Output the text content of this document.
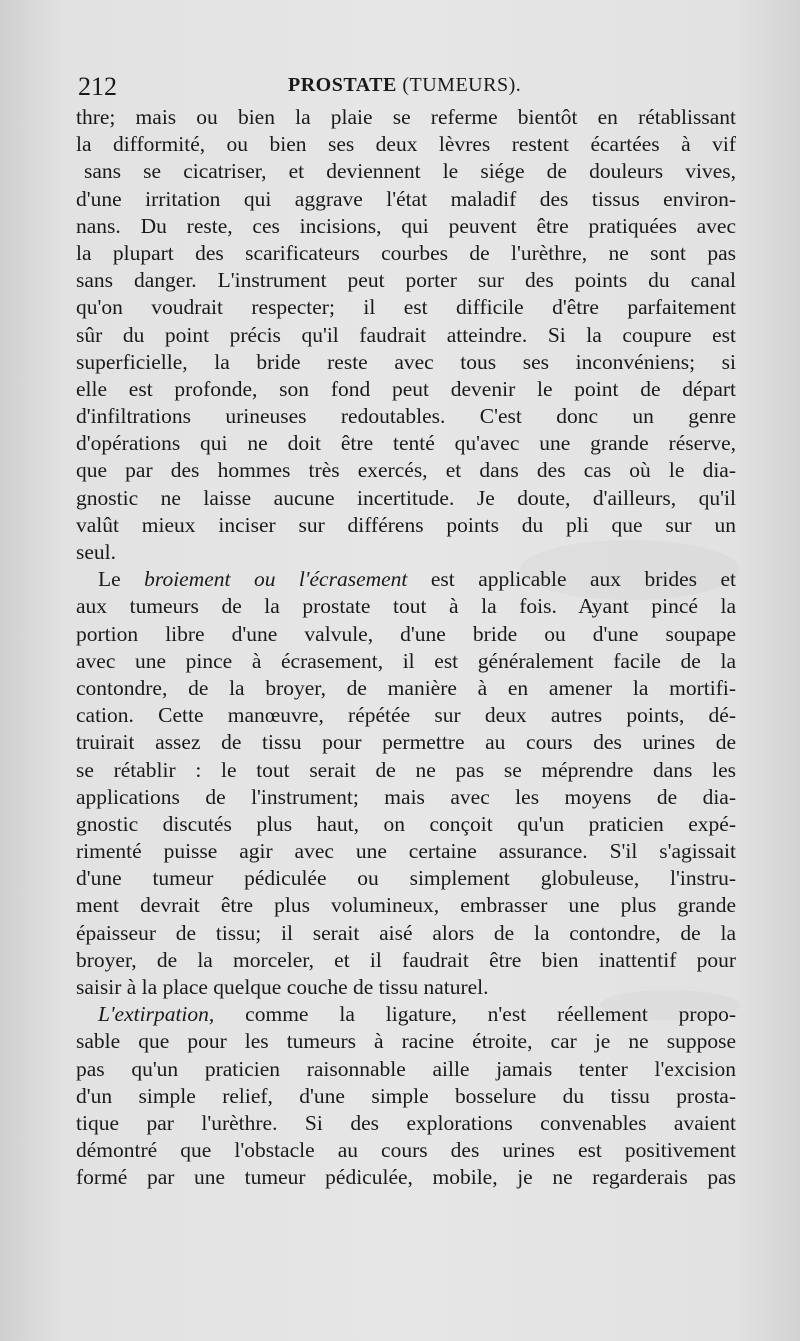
212	PROSTATE (TUMEURS).
thre; mais ou bien la plaie se referme bientôt en rétablissant
la difformité, ou bien ses deux lèvres restent écartées à vif
sans se cicatriser, et deviennent le siége de douleurs vives,
d'une irritation qui aggrave l'état maladif des tissus environ-
nans. Du reste, ces incisions, qui peuvent être pratiquées avec
la plupart des scarificateurs courbes de l'urèthre, ne sont pas
sans danger. L'instrument peut porter sur des points du canal
qu'on voudrait respecter; il est difficile d'être parfaitement
sûr du point précis qu'il faudrait atteindre. Si la coupure est
superficielle, la bride reste avec tous ses inconvéniens; si
elle est profonde, son fond peut devenir le point de départ
d'infiltrations urineuses redoutables. C'est donc un genre
d'opérations qui ne doit être tenté qu'avec une grande réserve,
que par des hommes très exercés, et dans des cas où le dia-
gnostic ne laisse aucune incertitude. Je doute, d'ailleurs, qu'il
valût mieux inciser sur différens points du pli que sur un
seul.
Le broiement ou l'écrasement est applicable aux brides et
aux tumeurs de la prostate tout à la fois. Ayant pincé la
portion libre d'une valvule, d'une bride ou d'une soupape
avec une pince à écrasement, il est généralement facile de la
contondre, de la broyer, de manière à en amener la mortifi-
cation. Cette manœuvre, répétée sur deux autres points, dé-
truirait assez de tissu pour permettre au cours des urines de
se rétablir : le tout serait de ne pas se méprendre dans les
applications de l'instrument; mais avec les moyens de dia-
gnostic discutés plus haut, on conçoit qu'un praticien expé-
rimenté puisse agir avec une certaine assurance. S'il s'agissait
d'une tumeur pédiculée ou simplement globuleuse, l'instru-
ment devrait être plus volumineux, embrasser une plus grande
épaisseur de tissu; il serait aisé alors de la contondre, de la
broyer, de la morceler, et il faudrait être bien inattentif pour
saisir à la place quelque couche de tissu naturel.
L'extirpation, comme la ligature, n'est réellement propo-
sable que pour les tumeurs à racine étroite, car je ne suppose
pas qu'un praticien raisonnable aille jamais tenter l'excision
d'un simple relief, d'une simple bosselure du tissu prosta-
tique par l'urèthre. Si des explorations convenables avaient
démontré que l'obstacle au cours des urines est positivement
formé par une tumeur pédiculée, mobile, je ne regarderais pas
